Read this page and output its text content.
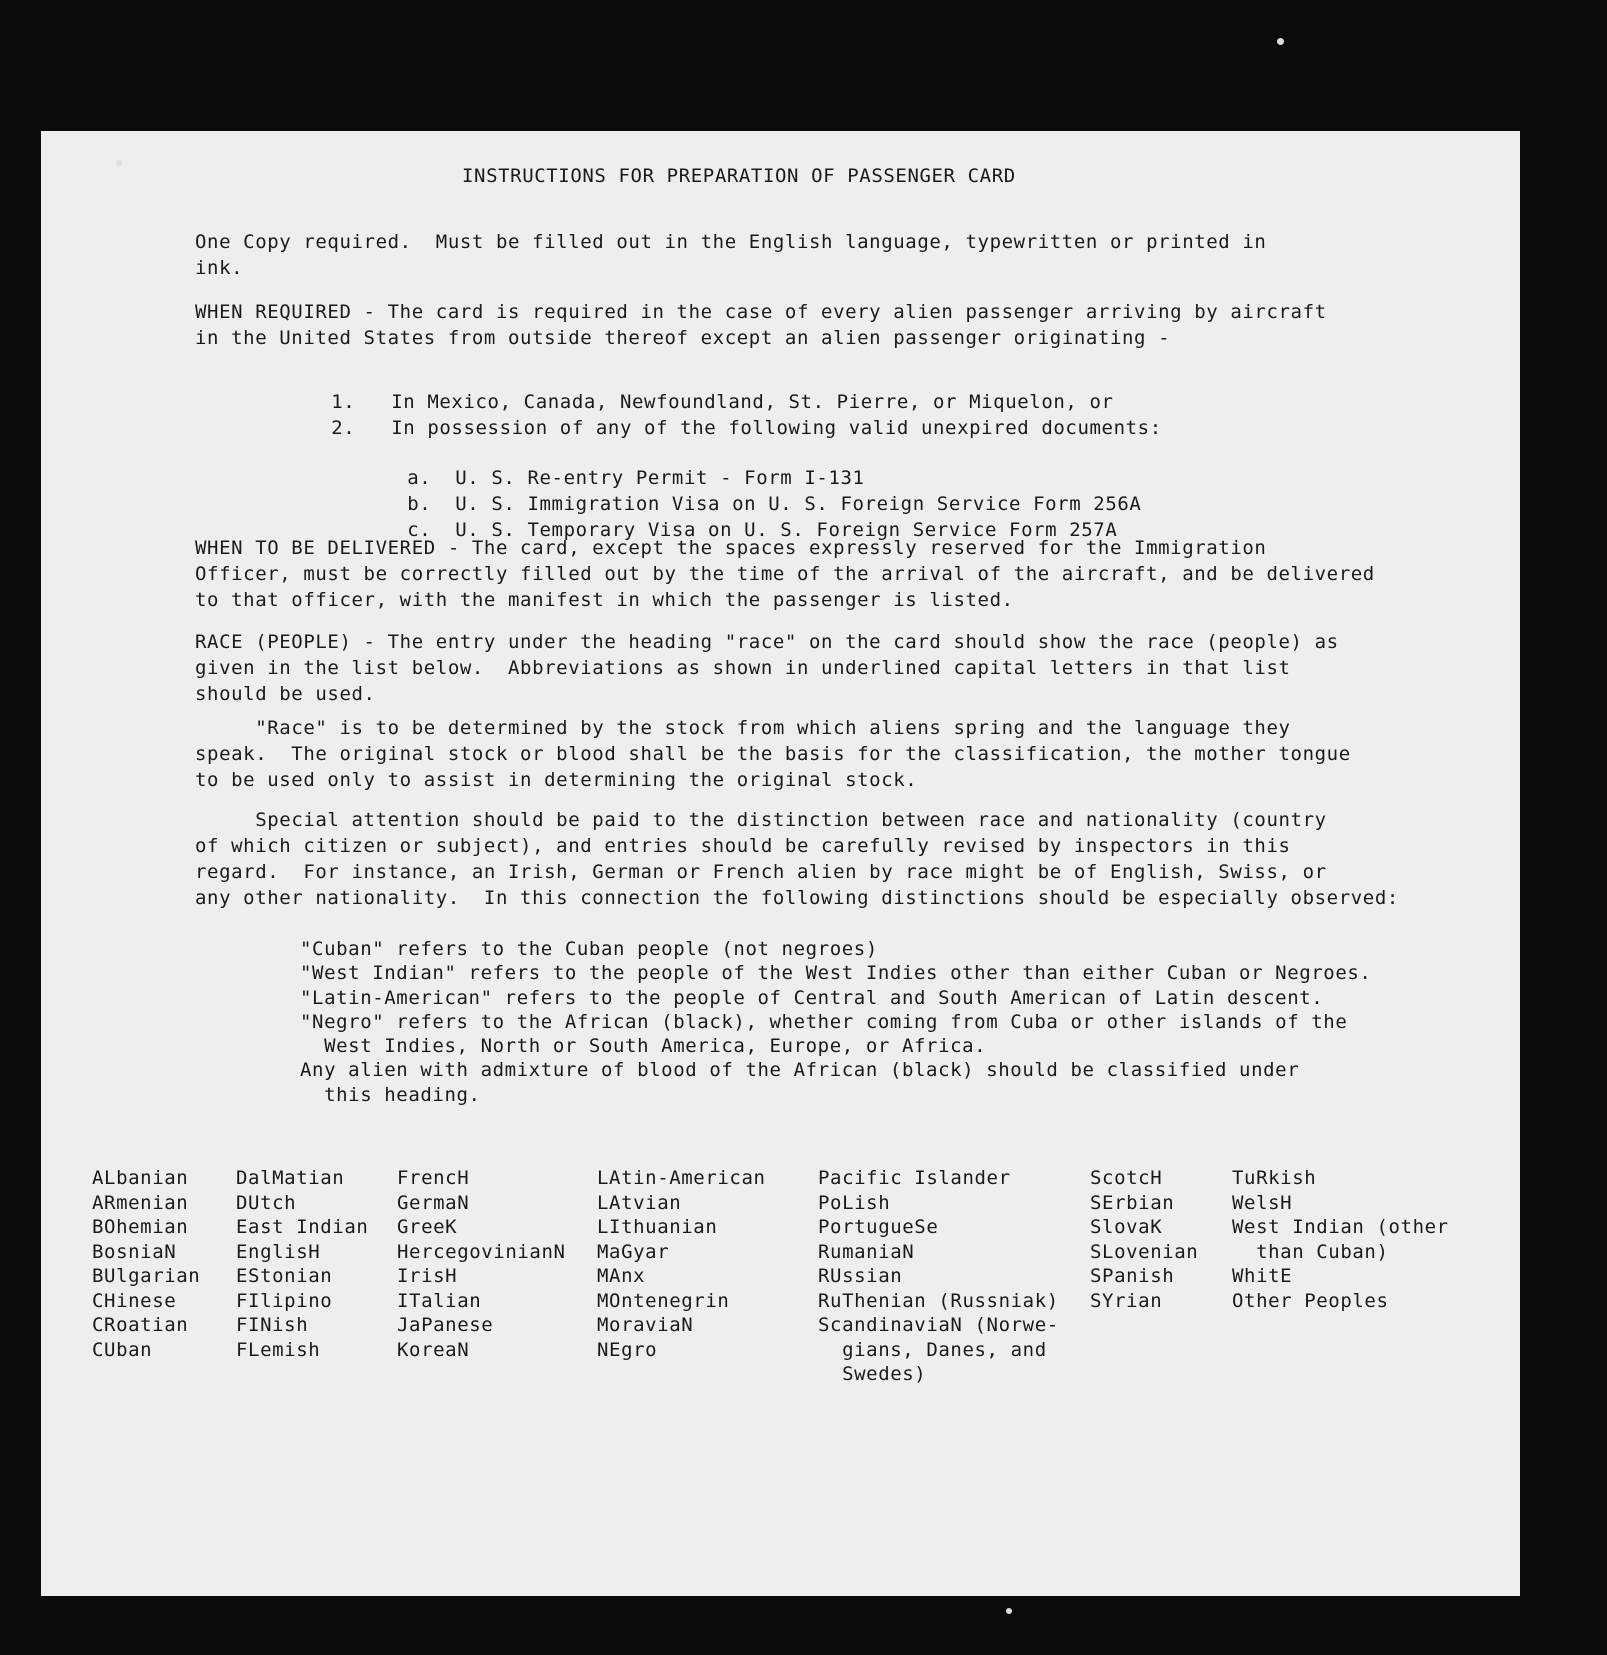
INSTRUCTIONS FOR PREPARATION OF PASSENGER CARD
One Copy required.  Must be filled out in the English language, typewritten or printed in
ink.
WHEN REQUIRED - The card is required in the case of every alien passenger arriving by aircraft
in the United States from outside thereof except an alien passenger originating -

1. In Mexico, Canada, Newfoundland, St. Pierre, or Miquelon, or

2. In possession of any of the following valid unexpired documents:

a. U. S. Re-entry Permit - Form I-131

b. U. S. Immigration Visa on U. S. Foreign Service Form 256A

c. U. S. Temporary Visa on U. S. Foreign Service Form 257A

WHEN TO BE DELIVERED - The card, except the spaces expressly reserved for the Immigration
Officer, must be correctly filled out by the time of the arrival of the aircraft, and be delivered
to that officer, with the manifest in which the passenger is listed.
RACE (PEOPLE) - The entry under the heading "race" on the card should show the race (people) as
given in the list below.  Abbreviations as shown in underlined capital letters in that list
should be used.
"Race" is to be determined by the stock from which aliens spring and the language they
speak.  The original stock or blood shall be the basis for the classification, the mother tongue
to be used only to assist in determining the original stock.
Special attention should be paid to the distinction between race and nationality (country
of which citizen or subject), and entries should be carefully revised by inspectors in this
regard.  For instance, an Irish, German or French alien by race might be of English, Swiss, or
any other nationality.  In this connection the following distinctions should be especially observed:
"Cuban" refers to the Cuban people (not negroes)
"West Indian" refers to the people of the West Indies other than either Cuban or Negroes.
"Latin-American" refers to the people of Central and South American of Latin descent.
"Negro" refers to the African (black), whether coming from Cuba or other islands of the
West Indies, North or South America, Europe, or Africa.
Any alien with admixture of blood of the African (black) should be classified under
this heading.
ALbanian
ARmenian
BOhemian
BosniaN
BUlgarian
CHinese
CRoatian
CUban
DalMatian
DUtch
East Indian
EnglisH
EStonian
FIlipino
FINish
FLemish
FrencH
GermaN
GreeK
HercegovinianN
IrisH
ITalian
JaPanese
KoreaN
LAtin-American
LAtvian
LIthuanian
MaGyar
MAnx
MOntenegrin
MoraviaN
NEgro
Pacific Islander
PoLish
PortugueSe
RumaniaN
RUssian
RuThenian (Russniak)
ScandinaviaN (Norwe-
gians, Danes, and
Swedes)
ScotcH
SErbian
SlovaK
SLovenian
SPanish
SYrian
TuRkish
WelsH
West Indian (other
than Cuban)
WhitE
Other Peoples
